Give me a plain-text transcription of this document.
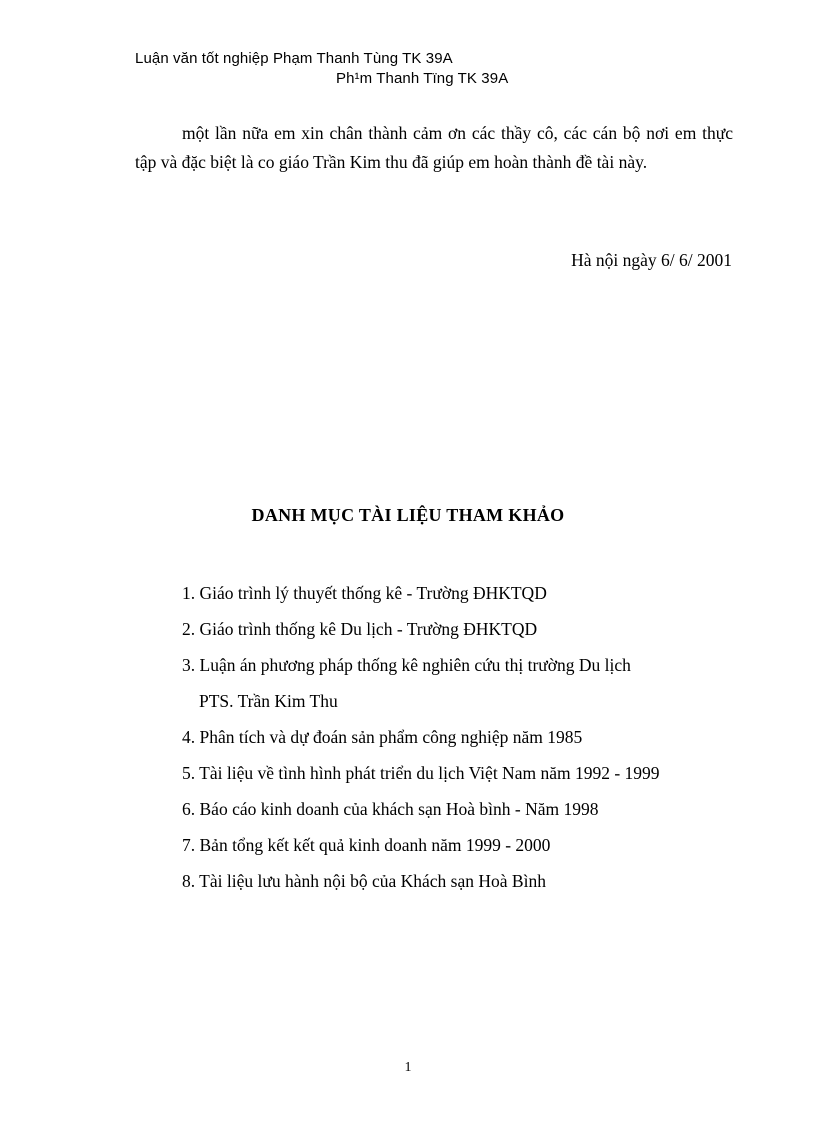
Luận văn tốt nghiệp Phạm Thanh Tùng TK 39A
Ph¹m Thanh Tïng TK 39A

một lần nữa em xin chân thành cảm ơn các thầy cô, các cán bộ nơi em thực tập và đặc biệt là co giáo Trần Kim thu đã giúp em hoàn thành đề tài này.

Hà nội ngày 6/ 6/ 2001
DANH MỤC TÀI LIỆU THAM KHẢO
1. Giáo trình lý thuyết thống kê - Trường ĐHKTQD
2. Giáo trình thống kê Du lịch - Trường ĐHKTQD
3. Luận án phương pháp thống kê nghiên cứu thị trường Du lịch
PTS. Trần Kim Thu
4. Phân tích và dự đoán sản phẩm công nghiệp năm 1985
5. Tài liệu về tình hình phát triển du lịch Việt Nam năm 1992 - 1999
6. Báo cáo kinh doanh của khách sạn Hoà bình - Năm 1998
7. Bản tổng kết kết quả kinh doanh năm 1999 - 2000
8. Tài liệu lưu hành nội bộ của Khách sạn Hoà Bình
1
